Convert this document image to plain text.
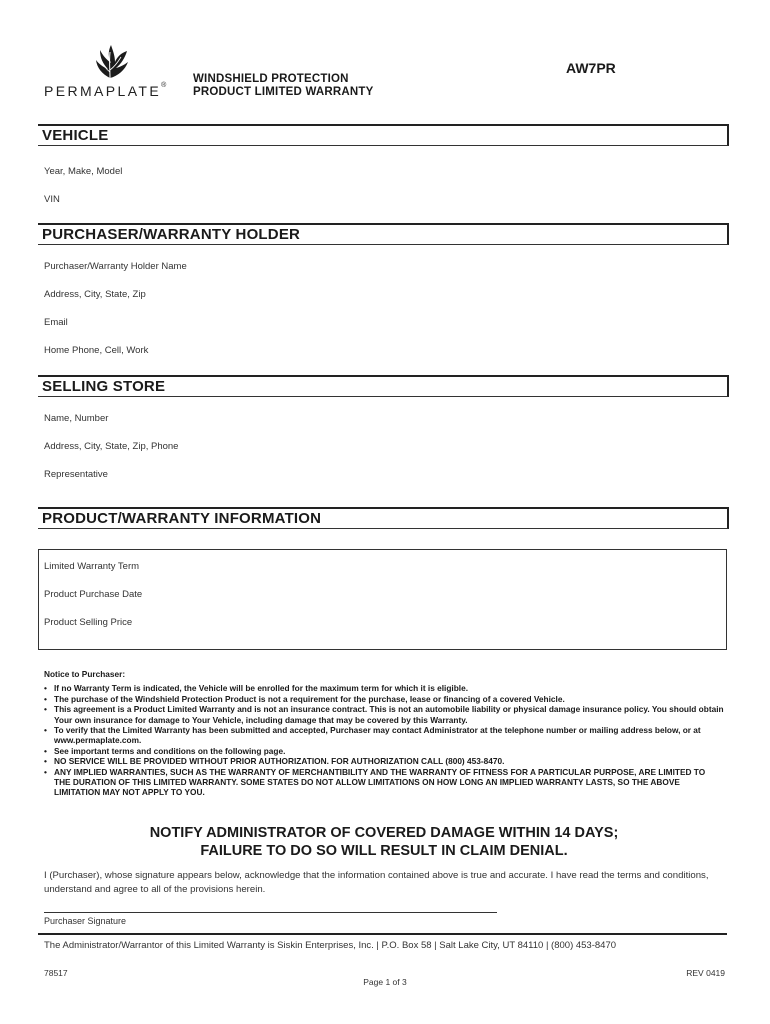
PERMAPLATE®
WINDSHIELD PROTECTION
PRODUCT LIMITED WARRANTY
AW7PR
VEHICLE
Year, Make, Model
VIN
PURCHASER/WARRANTY HOLDER
Purchaser/Warranty Holder Name
Address, City, State, Zip
Email
Home Phone, Cell, Work
SELLING STORE
Name, Number
Address, City, State, Zip, Phone
Representative
PRODUCT/WARRANTY INFORMATION
Limited Warranty Term
Product Purchase Date
Product Selling Price
Notice to Purchaser:
• If no Warranty Term is indicated, the Vehicle will be enrolled for the maximum term for which it is eligible.
• The purchase of the Windshield Protection Product is not a requirement for the purchase, lease or financing of a covered Vehicle.
• This agreement is a Product Limited Warranty and is not an insurance contract. This is not an automobile liability or physical damage insurance policy. You should obtain Your own insurance for damage to Your Vehicle, including damage that may be covered by this Warranty.
• To verify that the Limited Warranty has been submitted and accepted, Purchaser may contact Administrator at the telephone number or mailing address below, or at www.permaplate.com.
• See important terms and conditions on the following page.
• NO SERVICE WILL BE PROVIDED WITHOUT PRIOR AUTHORIZATION. FOR AUTHORIZATION CALL (800) 453-8470.
• ANY IMPLIED WARRANTIES, SUCH AS THE WARRANTY OF MERCHANTIBILITY AND THE WARRANTY OF FITNESS FOR A PARTICULAR PURPOSE, ARE LIMITED TO THE DURATION OF THIS LIMITED WARRANTY. SOME STATES DO NOT ALLOW LIMITATIONS ON HOW LONG AN IMPLIED WARRANTY LASTS, SO THE ABOVE LIMITATION MAY NOT APPLY TO YOU.
NOTIFY ADMINISTRATOR OF COVERED DAMAGE WITHIN 14 DAYS;
FAILURE TO DO SO WILL RESULT IN CLAIM DENIAL.
I (Purchaser), whose signature appears below, acknowledge that the information contained above is true and accurate. I have read the terms and conditions, understand and agree to all of the provisions herein.
Purchaser Signature
The Administrator/Warrantor of this Limited Warranty is Siskin Enterprises, Inc. | P.O. Box 58 | Salt Lake City, UT 84110 | (800) 453-8470
78517
Page 1 of 3
REV 0419
